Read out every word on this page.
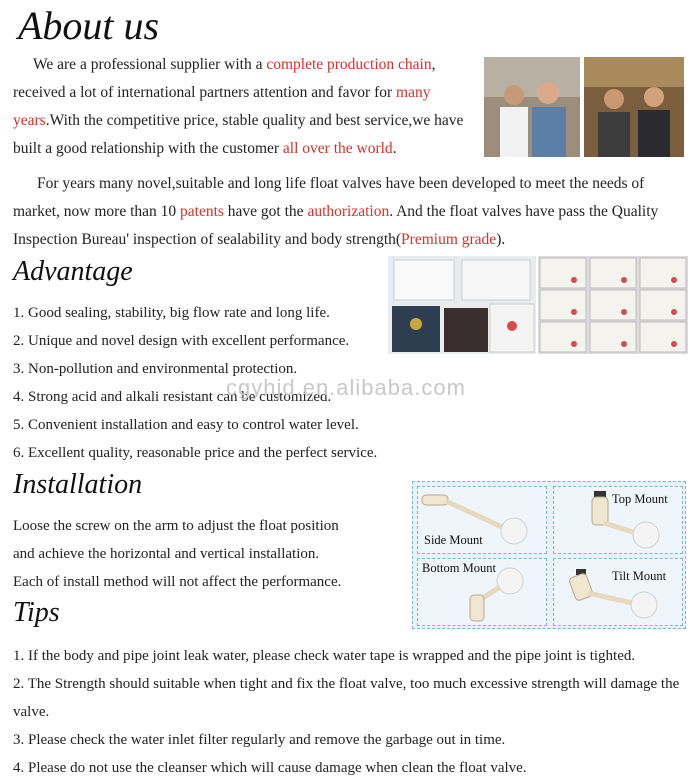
About us
We are a professional supplier with a complete production chain, received a lot of international partners attention and favor for many years.With the competitive price, stable quality and best service,we have built a good relationship with the customer all over the world.
For years many novel,suitable and long life float valves have been developed to meet the needs of market, now more than 10 patents have got the authorization. And the float valves have pass the Quality Inspection Bureau' inspection of sealability and body strength(Premium grade).
Advantage
1. Good sealing, stability, big flow rate and long life.
2. Unique and novel design with excellent performance.
3. Non-pollution and environmental protection.
4. Strong acid and alkali resistant can be customized.
5. Convenient installation and easy to control water level.
6. Excellent quality, reasonable price and the perfect service.
cgyhjd.en.alibaba.com
Installation
Loose the screw on the arm to adjust the float position
and achieve the horizontal and vertical installation.
Each of install method will not affect the performance.
Side Mount
Top Mount
Bottom Mount
Tilt Mount
Tips
1. If the body and pipe joint leak water, please check water tape is wrapped and the pipe joint is tighted.
2. The Strength should suitable when tight and fix the float valve, too much excessive strength will damage the valve.
3. Please check the water inlet filter regularly and remove the garbage out in time.
4. Please do not use the cleanser which will cause damage when clean the float valve.
